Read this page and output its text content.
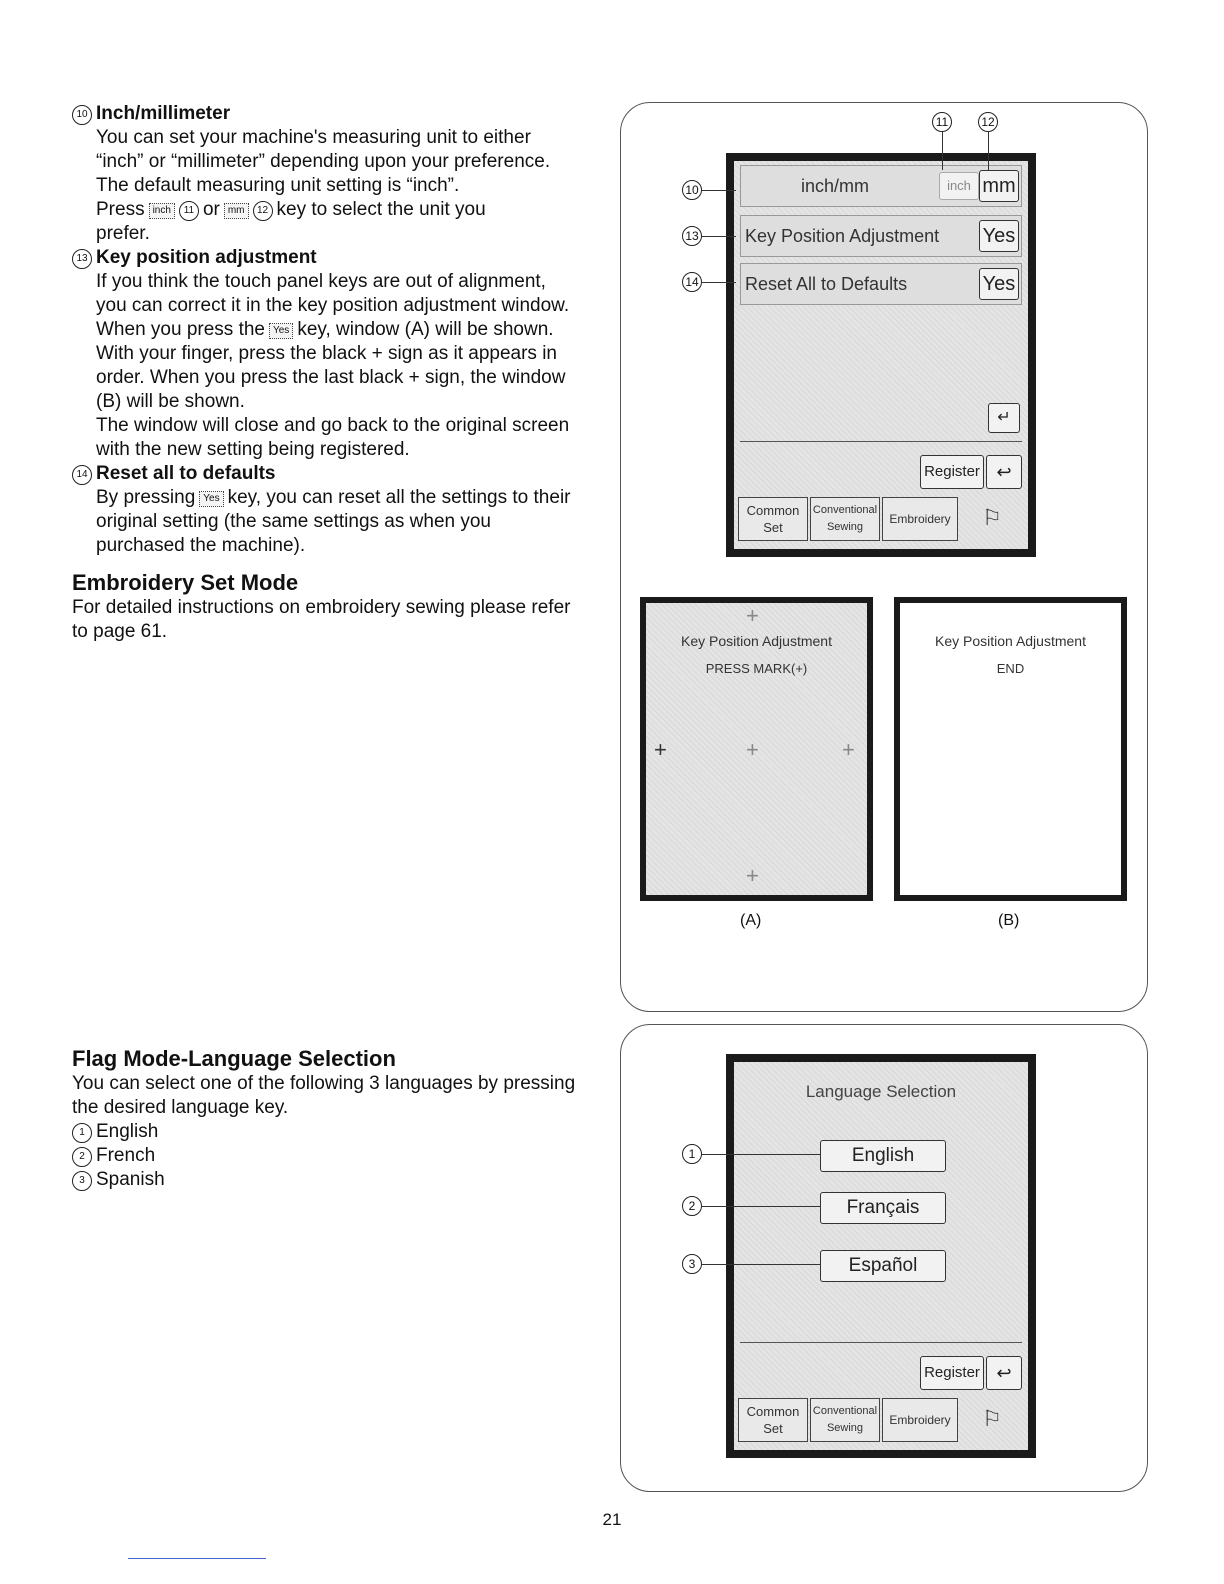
10 Inch/millimeter
You can set your machine's measuring unit to either
“inch” or “millimeter” depending upon your preference.
The default measuring unit setting is “inch”.
Press inch 11 or mm 12 key to select the unit you
prefer.
13 Key position adjustment
If you think the touch panel keys are out of alignment,
you can correct it in the key position adjustment window.
When you press the Yes key, window (A) will be shown.
With your finger, press the black + sign as it appears in
order. When you press the last black + sign, the window
(B) will be shown.
The window will close and go back to the original screen
with the new setting being registered.
14 Reset all to defaults
By pressing Yes key, you can reset all the settings to their
original setting (the same settings as when you
purchased the machine).
Embroidery Set Mode
For detailed instructions on embroidery sewing please refer
to page 61.
Flag Mode-Language Selection
You can select one of the following 3 languages by pressing
the desired language key.
1 English
2 French
3 Spanish
inch/mm	inch mm
Key Position Adjustment Yes
Reset All to Defaults	Yes
↵
Register ↩
Common
Set
Conventional
Sewing
Embroidery	⚐
10
13
14
11	12
+
Key Position Adjustment
PRESS MARK(+)
+	+	+
+
(A)
Key Position Adjustment
END
(B)
Language Selection
English
Français
Español
Register ↩
Common
Set
Conventional
Sewing
Embroidery	⚐
1
2
3
21
